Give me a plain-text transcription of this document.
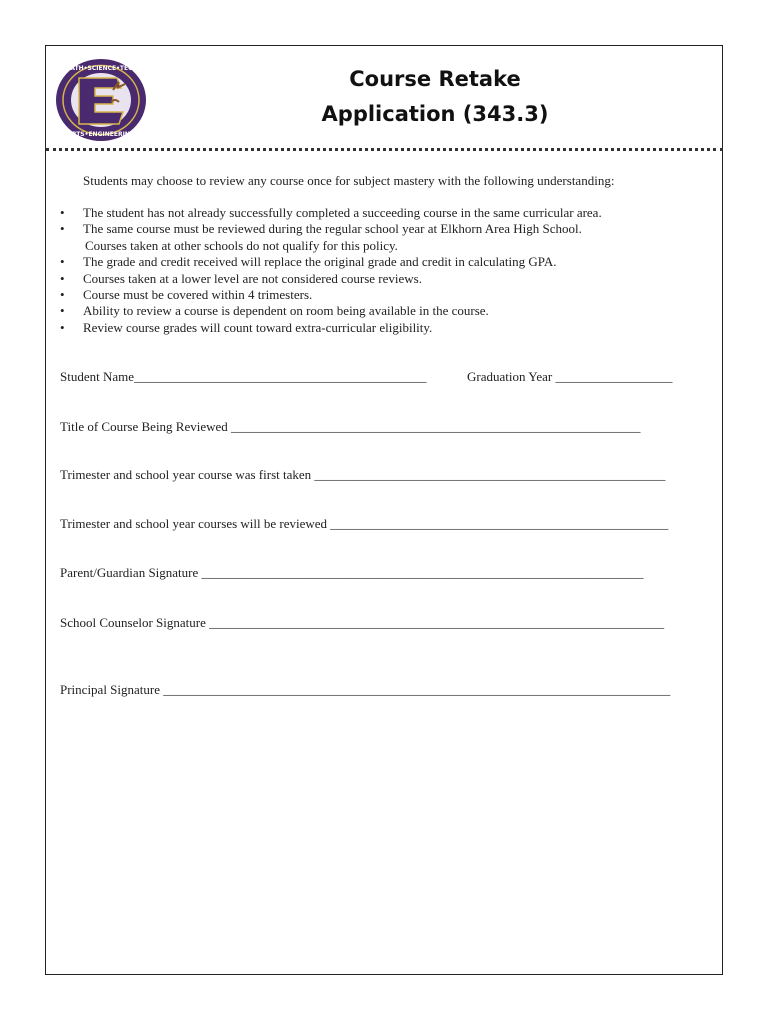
MATH•SCIENCE•TECH
ARTS•ENGINEERING
Course Retake
Application (343.3)
Students may choose to review any course once for subject mastery with the following understanding:
• The student has not already successfully completed a succeeding course in the same curricular area.
• The same course must be reviewed during the regular school year at Elkhorn Area High School.
Courses taken at other schools do not qualify for this policy.
• The grade and credit received will replace the original grade and credit in calculating GPA.
• Courses taken at a lower level are not considered course reviews.
• Course must be covered within 4 trimesters.
• Ability to review a course is dependent on room being available in the course.
• Review course grades will count toward extra-curricular eligibility.
Student Name_____________________________________________	Graduation Year __________________
Title of Course Being Reviewed _______________________________________________________________
Trimester and school year course was first taken ______________________________________________________
Trimester and school year courses will be reviewed ____________________________________________________
Parent/Guardian Signature ____________________________________________________________________
School Counselor Signature ______________________________________________________________________
Principal Signature ______________________________________________________________________________
